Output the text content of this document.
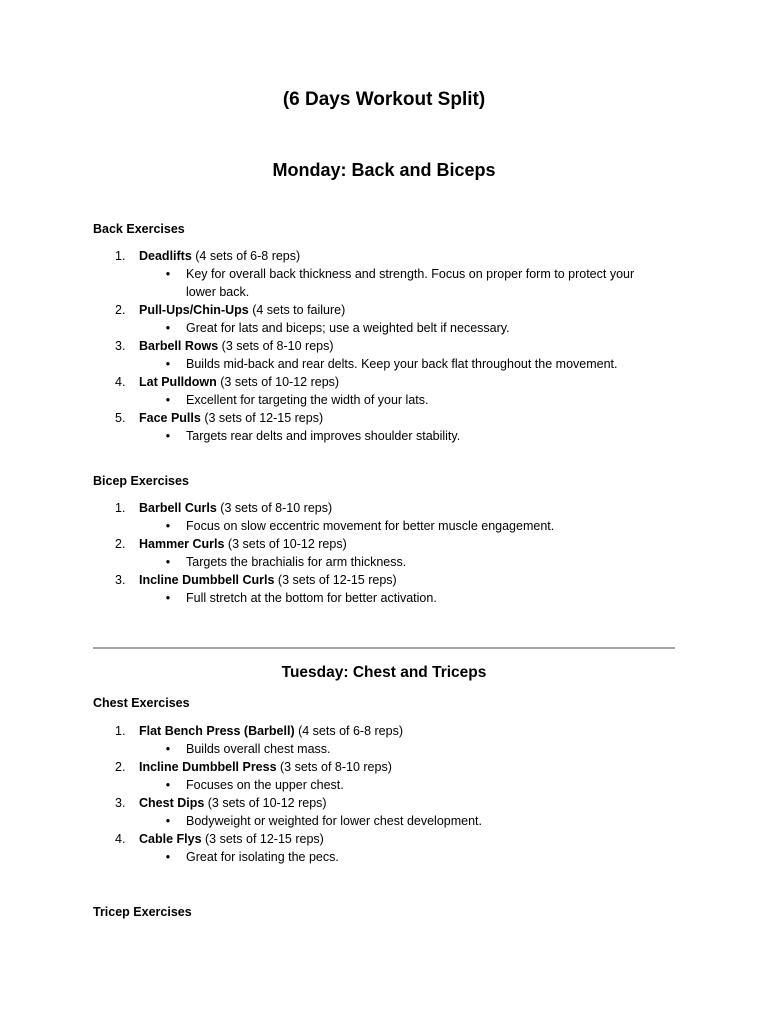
(6 Days Workout Split)
Monday: Back and Biceps
Back Exercises
1.	Deadlifts (4 sets of 6-8 reps)
• Key for overall back thickness and strength. Focus on proper form to protect your lower back.
2.	Pull-Ups/Chin-Ups (4 sets to failure)
• Great for lats and biceps; use a weighted belt if necessary.
3.	Barbell Rows (3 sets of 8-10 reps)
• Builds mid-back and rear delts. Keep your back flat throughout the movement.
4.	Lat Pulldown (3 sets of 10-12 reps)
• Excellent for targeting the width of your lats.
5.	Face Pulls (3 sets of 12-15 reps)
• Targets rear delts and improves shoulder stability.
Bicep Exercises
1.	Barbell Curls (3 sets of 8-10 reps)
• Focus on slow eccentric movement for better muscle engagement.
2.	Hammer Curls (3 sets of 10-12 reps)
• Targets the brachialis for arm thickness.
3.	Incline Dumbbell Curls (3 sets of 12-15 reps)
• Full stretch at the bottom for better activation.
Tuesday: Chest and Triceps
Chest Exercises
1.	Flat Bench Press (Barbell) (4 sets of 6-8 reps)
• Builds overall chest mass.
2.	Incline Dumbbell Press (3 sets of 8-10 reps)
• Focuses on the upper chest.
3.	Chest Dips (3 sets of 10-12 reps)
• Bodyweight or weighted for lower chest development.
4.	Cable Flys (3 sets of 12-15 reps)
• Great for isolating the pecs.
Tricep Exercises
